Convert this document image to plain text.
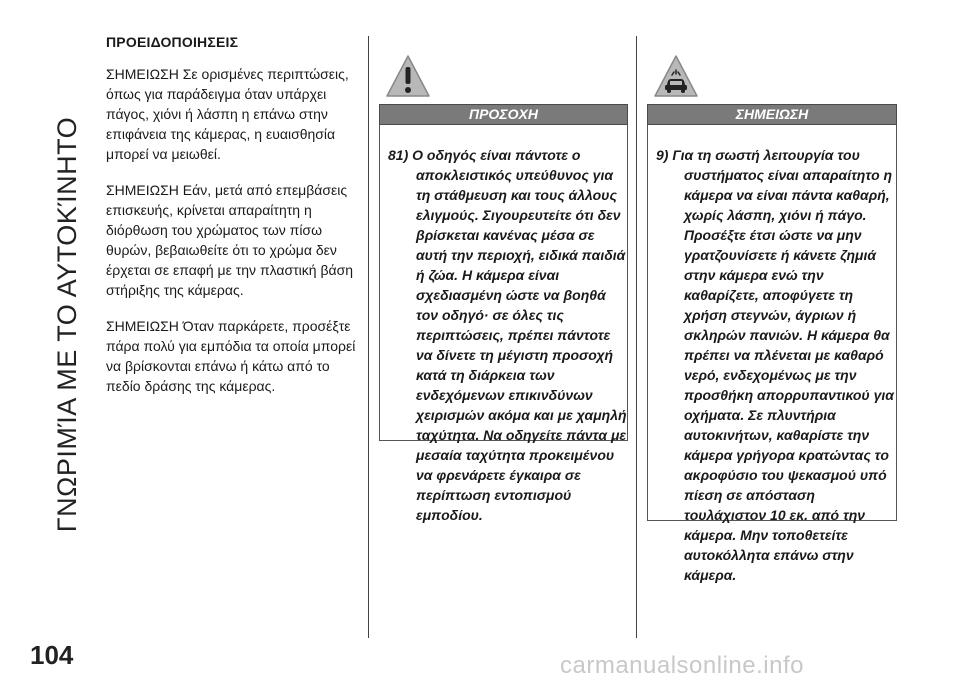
ΓΝΩΡΙΜΊΑ ΜΕ ΤΟ ΑΥΤΟΚΊΝΗΤΟ
104
ΠΡΟΕΙΔΟΠΟΙΗΣΕΙΣ

ΣΗΜΕΙΩΣΗ Σε ορισμένες περιπτώσεις, όπως για παράδειγμα όταν υπάρχει πάγος, χιόνι ή λάσπη η επάνω στην επιφάνεια της κάμερας, η ευαισθησία μπορεί να μειωθεί.

ΣΗΜΕΙΩΣΗ Εάν, μετά από επεμβάσεις επισκευής, κρίνεται απαραίτητη η διόρθωση του χρώματος των πίσω θυρών, βεβαιωθείτε ότι το χρώμα δεν έρχεται σε επαφή με την πλαστική βάση στήριξης της κάμερας.

ΣΗΜΕΙΩΣΗ Όταν παρκάρετε, προσέξτε πάρα πολύ για εμπόδια τα οποία μπορεί να βρίσκονται επάνω ή κάτω από το πεδίο δράσης της κάμερας.

ΠΡΟΣΟΧΗ

81) Ο οδηγός είναι πάντοτε ο αποκλειστικός υπεύθυνος για τη στάθμευση και τους άλλους ελιγμούς. Σιγουρευτείτε ότι δεν βρίσκεται κανένας μέσα σε αυτή την περιοχή, ειδικά παιδιά ή ζώα. Η κάμερα είναι σχεδιασμένη ώστε να βοηθά τον οδηγό· σε όλες τις περιπτώσεις, πρέπει πάντοτε να δίνετε τη μέγιστη προσοχή κατά τη διάρκεια των ενδεχόμενων επικινδύνων χειρισμών ακόμα και με χαμηλή ταχύτητα. Να οδηγείτε πάντα με μεσαία ταχύτητα προκειμένου να φρενάρετε έγκαιρα σε περίπτωση εντοπισμού εμποδίου.

ΣΗΜΕΙΩΣΗ

9) Για τη σωστή λειτουργία του συστήματος είναι απαραίτητο η κάμερα να είναι πάντα καθαρή, χωρίς λάσπη, χιόνι ή πάγο. Προσέξτε έτσι ώστε να μην γρατζουνίσετε ή κάνετε ζημιά στην κάμερα ενώ την καθαρίζετε, αποφύγετε τη χρήση στεγνών, άγριων ή σκληρών πανιών. Η κάμερα θα πρέπει να πλένεται με καθαρό νερό, ενδεχομένως με την προσθήκη απορρυπαντικού για οχήματα. Σε πλυντήρια αυτοκινήτων, καθαρίστε την κάμερα γρήγορα κρατώντας το ακροφύσιο του ψεκασμού υπό πίεση σε απόσταση τουλάχιστον 10 εκ. από την κάμερα. Μην τοποθετείτε αυτοκόλλητα επάνω στην κάμερα.

carmanualsonline.info
